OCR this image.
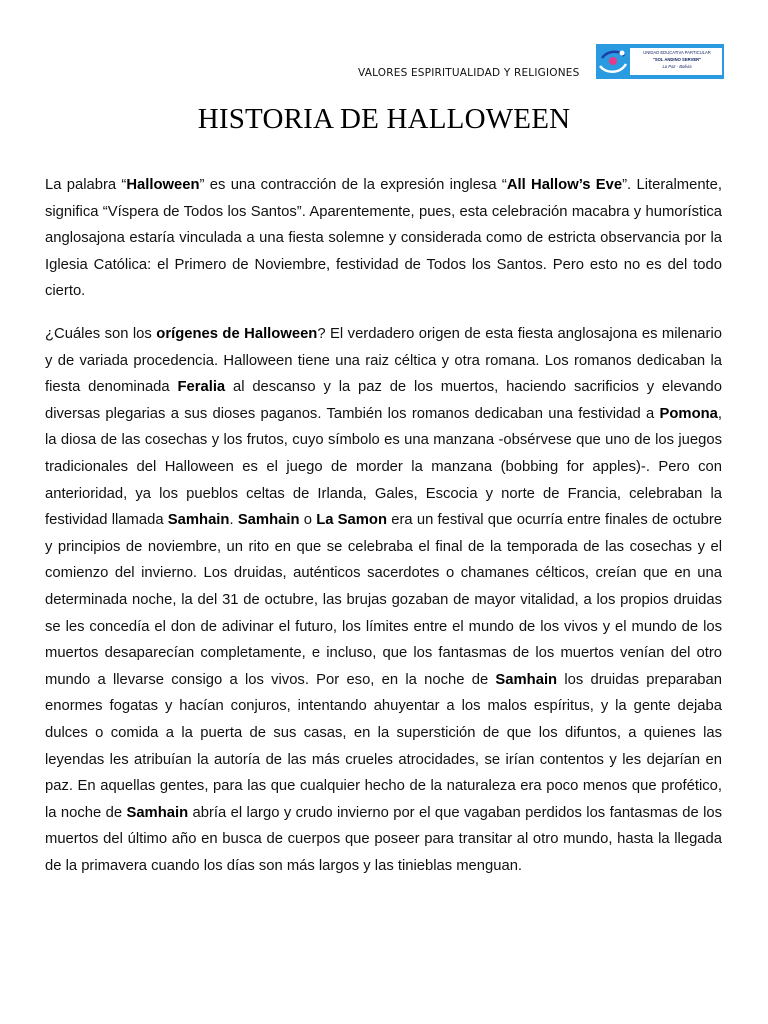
VALORES ESPIRITUALIDAD Y RELIGIONES
UNIDAD EDUCATIVA PARTICULAR
"SOL ANDINO SERVER"
La Paz - Bolivia
HISTORIA DE HALLOWEEN

La palabra “Halloween” es una contracción de la expresión inglesa “All Hallow’s Eve”. Literalmente, significa “Víspera de Todos los Santos”. Aparentemente, pues, esta celebración macabra y humorística anglosajona estaría vinculada a una fiesta solemne y considerada como de estricta observancia por la Iglesia Católica: el Primero de Noviembre, festividad de Todos los Santos. Pero esto no es del todo cierto.

¿Cuáles son los orígenes de Halloween? El verdadero origen de esta fiesta anglosajona es milenario y de variada procedencia. Halloween tiene una raiz céltica y otra romana. Los romanos dedicaban la fiesta denominada Feralia al descanso y la paz de los muertos, haciendo sacrificios y elevando diversas plegarias a sus dioses paganos. También los romanos dedicaban una festividad a Pomona, la diosa de las cosechas y los frutos, cuyo símbolo es una manzana -obsérvese que uno de los juegos tradicionales del Halloween es el juego de morder la manzana (bobbing for apples)-. Pero con anterioridad, ya los pueblos celtas de Irlanda, Gales, Escocia y norte de Francia, celebraban la festividad llamada Samhain. Samhain o La Samon era un festival que ocurría entre finales de octubre y principios de noviembre, un rito en que se celebraba el final de la temporada de las cosechas y el comienzo del invierno. Los druidas, auténticos sacerdotes o chamanes célticos, creían que en una determinada noche, la del 31 de octubre, las brujas gozaban de mayor vitalidad, a los propios druidas se les concedía el don de adivinar el futuro, los límites entre el mundo de los vivos y el mundo de los muertos desaparecían completamente, e incluso, que los fantasmas de los muertos venían del otro mundo a llevarse consigo a los vivos. Por eso, en la noche de Samhain los druidas preparaban enormes fogatas y hacían conjuros, intentando ahuyentar a los malos espíritus, y la gente dejaba dulces o comida a la puerta de sus casas, en la superstición de que los difuntos, a quienes las leyendas les atribuían la autoría de las más crueles atrocidades, se irían contentos y les dejarían en paz. En aquellas gentes, para las que cualquier hecho de la naturaleza era poco menos que profético, la noche de Samhain abría el largo y crudo invierno por el que vagaban perdidos los fantasmas de los muertos del último año en busca de cuerpos que poseer para transitar al otro mundo, hasta la llegada de la primavera cuando los días son más largos y las tinieblas menguan.
